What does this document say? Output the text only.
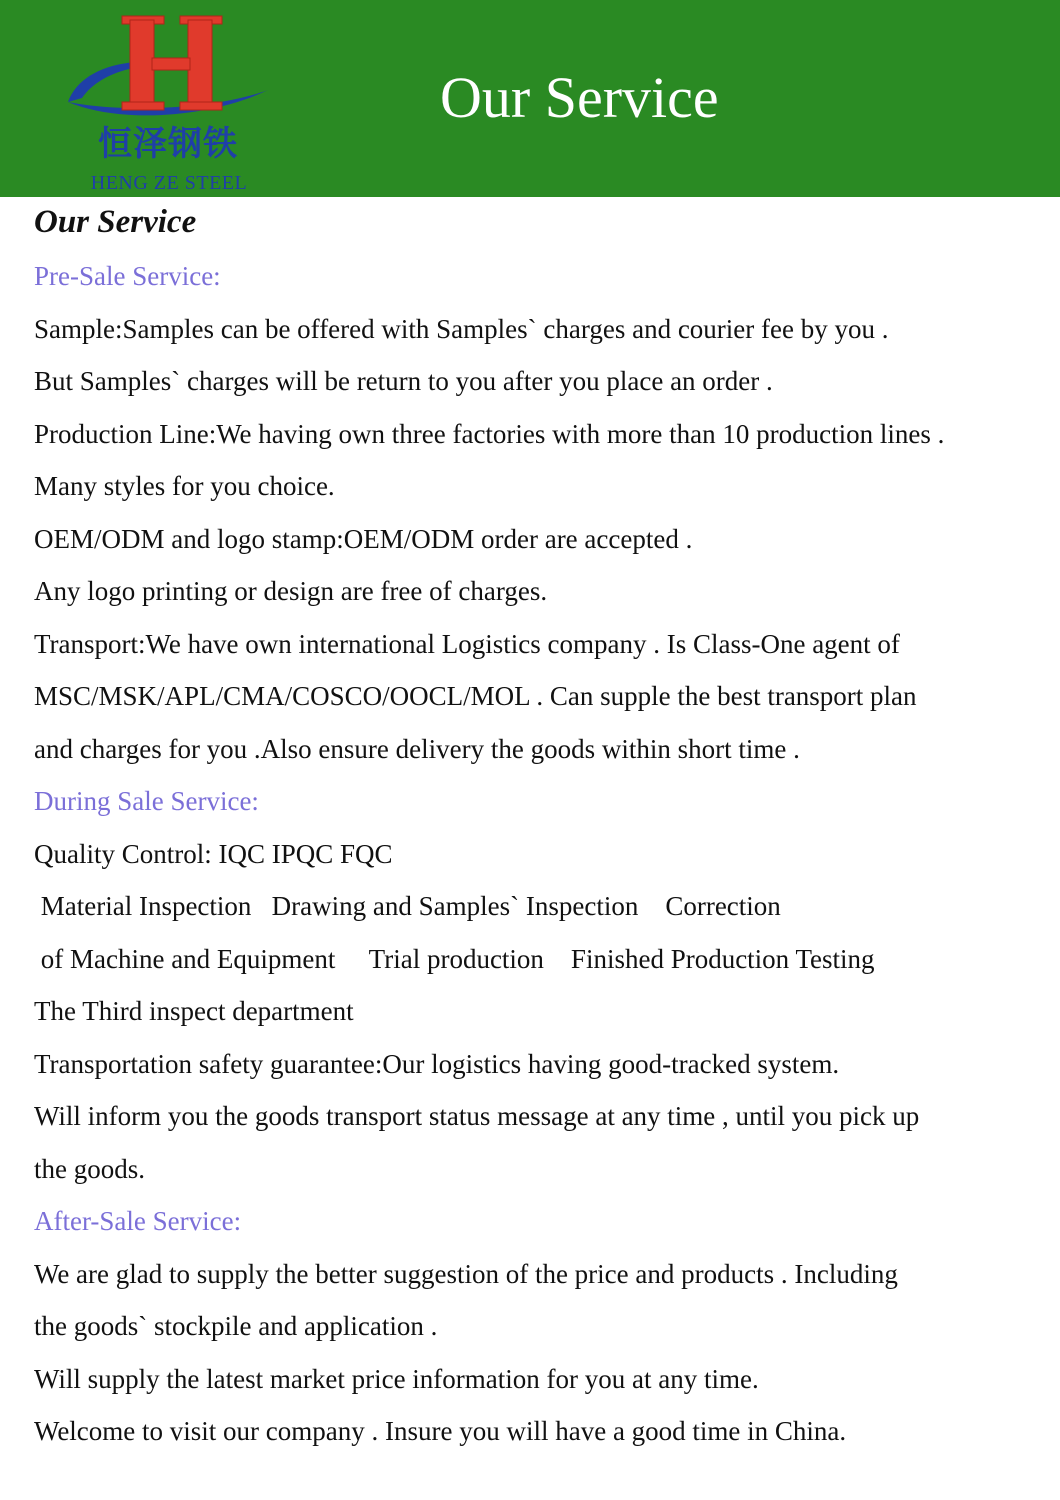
恒泽钢铁
HENG ZE STEEL
Our Service
Our Service
Pre-Sale Service:
Sample:Samples can be offered with Samples` charges and courier fee by you .
But Samples` charges will be return to you after you place an order .
Production Line:We having own three factories with more than 10 production lines .
Many styles for you choice.
OEM/ODM and logo stamp:OEM/ODM order are accepted .
Any logo printing or design are free of charges.
Transport:We have own international Logistics company . Is Class-One agent of
MSC/MSK/APL/CMA/COSCO/OOCL/MOL . Can supple the best transport plan
and charges for you .Also ensure delivery the goods within short time .
During Sale Service:
Quality Control: IQC IPQC FQC
Material Inspection   Drawing and Samples` Inspection    Correction
of Machine and Equipment     Trial production    Finished Production Testing
The Third inspect department
Transportation safety guarantee:Our logistics having good-tracked system.
Will inform you the goods transport status message at any time , until you pick up
the goods.
After-Sale Service:
We are glad to supply the better suggestion of the price and products . Including
the goods` stockpile and application .
Will supply the latest market price information for you at any time.
Welcome to visit our company . Insure you will have a good time in China.
